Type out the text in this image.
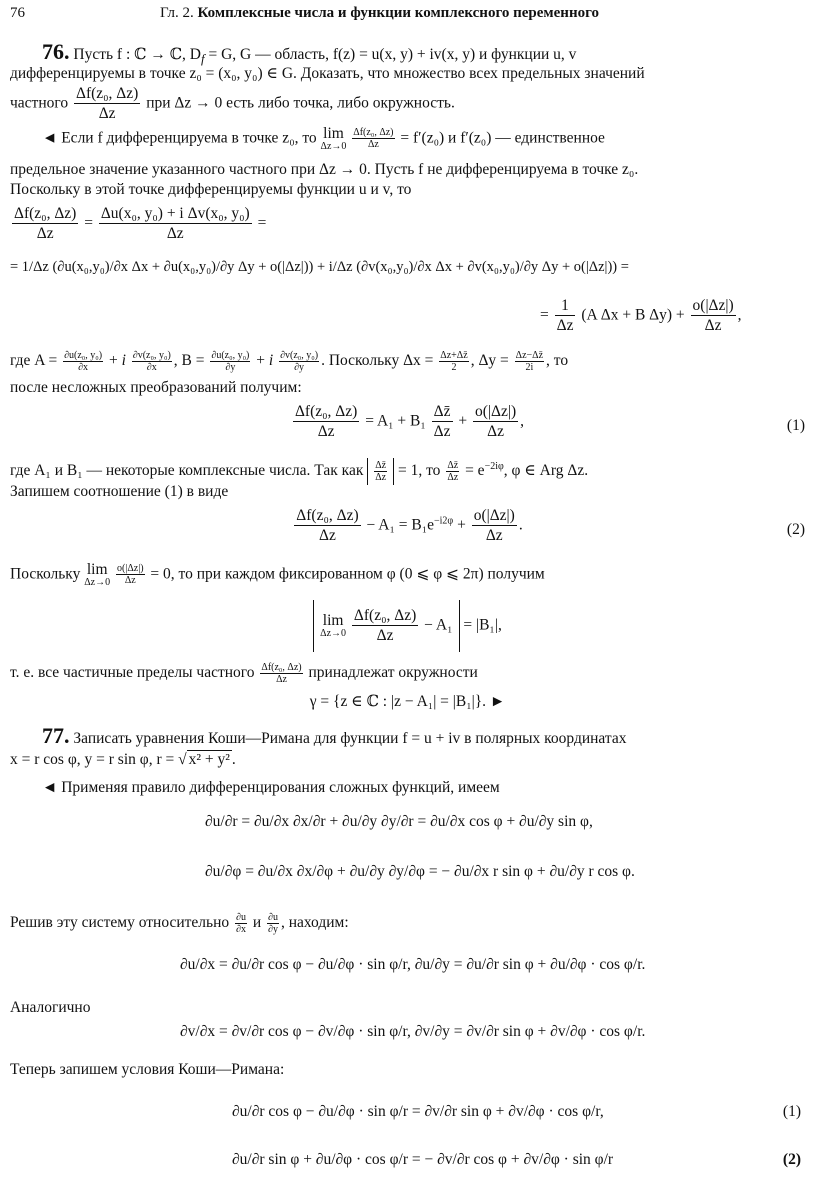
76	Гл. 2. Комплексные числа и функции комплексного переменного
76. Пусть f : ℂ → ℂ, $D_f = G$, G — область, f(z) = u(x, y) + iv(x, y) и функции u, v
дифференцируемы в точке z₀ = (x₀, y₀) ∈ G. Доказать, что множество всех предельных значений
частного $\frac{\text{Δf(z₀, Δz)}}{\Delta z}$ при Δz → 0 есть либо точка, либо окружность.
◄ Если f дифференцируема в точке z₀, то lim
Δz→0
$\frac{\text{Δf(z₀, Δz)}}{\Delta z} = f'(z_0)$ и f′(z₀) — единственное
предельное значение указанного частного при Δz → 0. Пусть f не дифференцируема в точке z₀.
Поскольку в этой точке дифференцируемы функции u и v, то
$\frac{\text{Δf(z₀, Δz)}}{\Delta z} = \frac{\text{Δu(x₀, y₀) + i Δv(x₀, y₀)}}{\Delta z}$ =
= 1/Δz (∂u(x₀,y₀)/∂x Δx + ∂u(x₀,y₀)/∂y Δy + o(|Δz|)) + i/Δz (∂v(x₀,y₀)/∂x Δx + ∂v(x₀,y₀)/∂y Δy + o(|Δz|)) =
= $\frac{1}{\Delta z} (A$ Δx + B $\Delta y) + \frac{o(|\Delta z|)}{\Delta z}$ ,
где $A = \frac{\text{∂u(z₀, y₀)}}{\partial x} + i \frac{\text{∂v(z₀, y₀)}}{\partial x}$ , $B = \frac{\text{∂u(z₀, y₀)}}{\partial y} + i \frac{\text{∂v(z₀, y₀)}}{\partial y}$ . Поскольку $\Delta x = \frac{\Delta z+\Delta z̄}{2}$ , $\Delta y = \frac{\Delta z-\Delta z̄}{2i}$ , то
после несложных преобразований получим:
$\frac{\text{Δf(z₀, Δz)}}{\Delta z} = A_1 + B_1 \frac{\Delta z̄}{\Delta z} + \frac{o(|\Delta z|)}{\Delta z}$ ,	(1)
где A₁ и B₁ — некоторые комплексные числа. Так как $\frac{\Delta z̄}{\Delta z} = 1$, то $\frac{\Delta z̄}{\Delta z} = e^{-2i\varphi}$, φ ∈ Arg Δz.
Запишем соотношение (1) в виде
$\frac{\text{Δf(z₀, Δz)}}{\Delta z} - A_1 = B_1e^{-i2\varphi} + \frac{o(|\Delta z|)}{\Delta z}$ .	(2)
Поскольку lim
Δz→0
$\frac{o(|\Delta z|)}{\Delta z} = 0$, то при каждом фиксированном φ (0 ⩽ φ ⩽ 2π) получим
lim
Δz→0
$\frac{\text{Δf(z₀, Δz)}}{\Delta z} - A_1 = |B_1|$,
т. е. все частичные пределы частного $\frac{\text{Δf(z₀, Δz)}}{\Delta z}$ принадлежат окружности
γ = {z ∈ ℂ : |z − A₁| = |B₁|}. ►
77. Записать уравнения Коши—Римана для функции f = u + iv в полярных координатах
x = r cos φ, y = r sin φ, r = √ x² + y² .
◄ Применяя правило дифференцирования сложных функций, имеем
∂u/∂r = ∂u/∂x ∂x/∂r + ∂u/∂y ∂y/∂r = ∂u/∂x cos φ + ∂u/∂y sin φ,
∂u/∂φ = ∂u/∂x ∂x/∂φ + ∂u/∂y ∂y/∂φ = − ∂u/∂x r sin φ + ∂u/∂y r cos φ.
Решив эту систему относительно $\frac{\partial u}{\partial x}$ и $\frac{\partial u}{\partial y}$ , находим:
∂u/∂x = ∂u/∂r cos φ − ∂u/∂φ · sin φ/r, ∂u/∂y = ∂u/∂r sin φ + ∂u/∂φ · cos φ/r.
Аналогично
∂v/∂x = ∂v/∂r cos φ − ∂v/∂φ · sin φ/r, ∂v/∂y = ∂v/∂r sin φ + ∂v/∂φ · cos φ/r.
Теперь запишем условия Коши—Римана:
∂u/∂r cos φ − ∂u/∂φ · sin φ/r = ∂v/∂r sin φ + ∂v/∂φ · cos φ/r,	(1)
∂u/∂r sin φ + ∂u/∂φ · cos φ/r = − ∂v/∂r cos φ + ∂v/∂φ · sin φ/r	(2)
